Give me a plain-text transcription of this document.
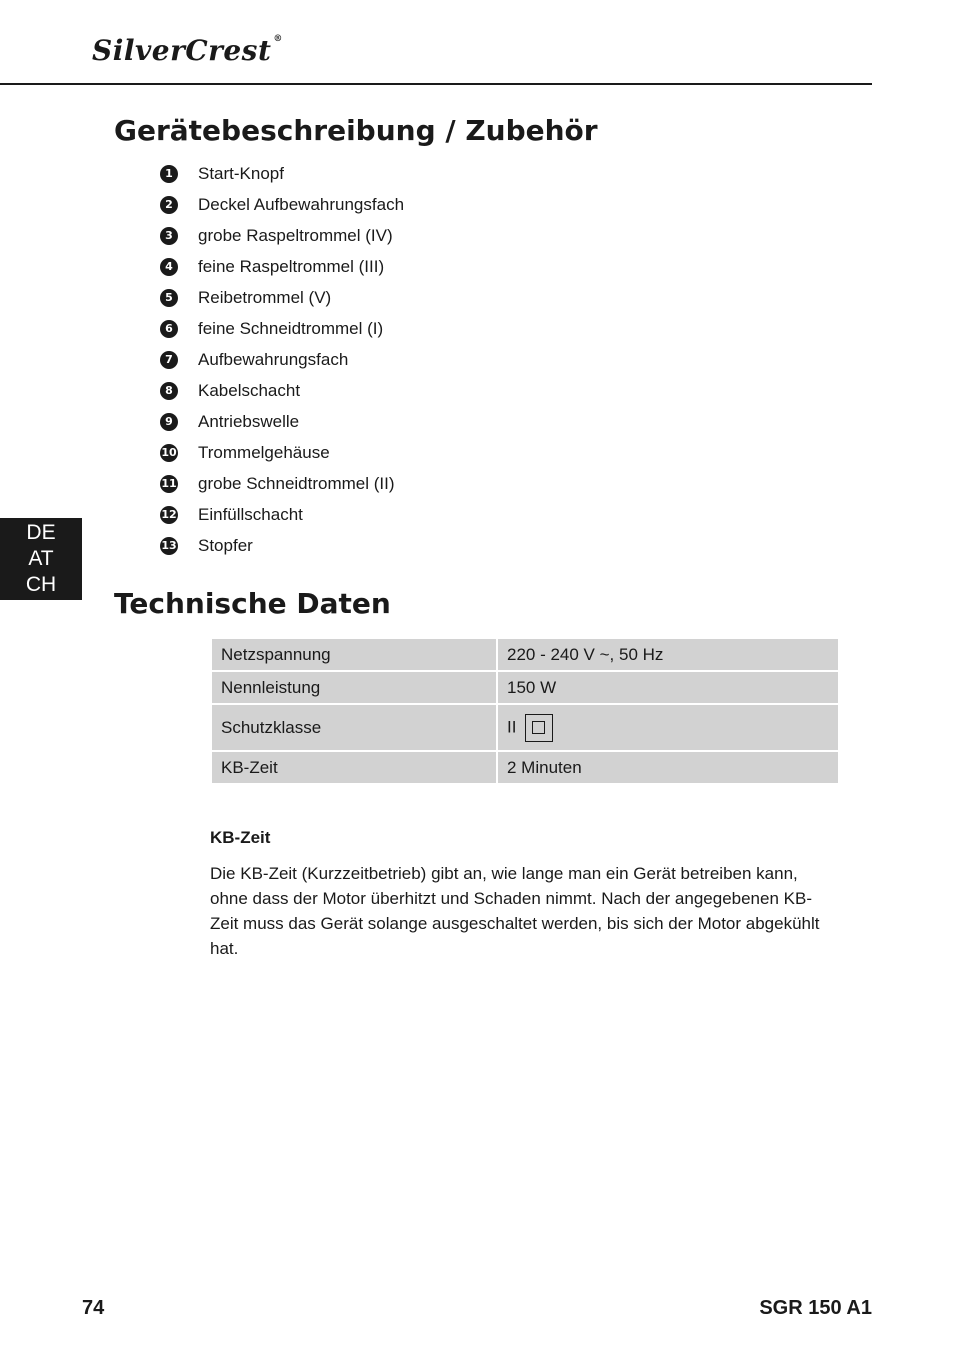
SilverCrest ®
Gerätebeschreibung / Zubehör
1	Start-Knopf
2	Deckel Aufbewahrungsfach
3	grobe Raspeltrommel (IV)
4	feine Raspeltrommel (III)
5	Reibetrommel (V)
6	feine Schneidtrommel (I)
7	Aufbewahrungsfach
8	Kabelschacht
9	Antriebswelle
10 Trommelgehäuse
11 grobe Schneidtrommel (II)
12 Einfüllschacht
13 Stopfer
DE
AT
CH
Technische Daten
Netzspannung	220 - 240 V ~, 50 Hz
Nennleistung	150 W
Schutzklasse	II
KB-Zeit	2 Minuten
KB-Zeit

Die KB-Zeit (Kurzzeitbetrieb) gibt an, wie lange man ein Gerät betreiben kann, ohne dass der Motor überhitzt und Schaden nimmt. Nach der angegebenen KB-Zeit muss das Gerät solange ausgeschaltet werden, bis sich der Motor abgekühlt hat.

74	SGR 150 A1
